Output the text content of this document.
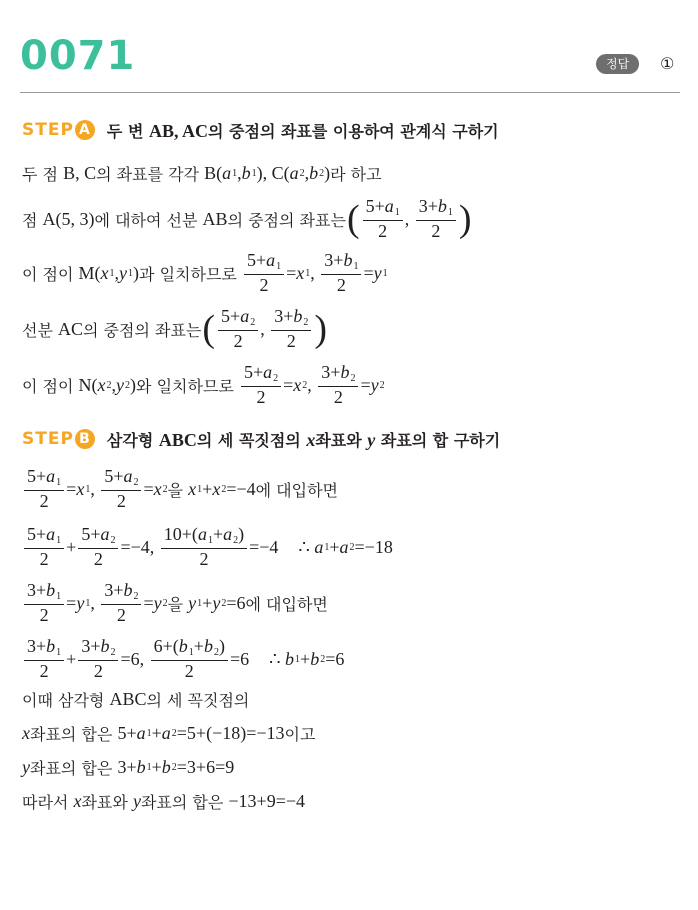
0071	정답	①
STEP A 두 변 AB, AC의 중점의 좌표를 이용하여 관계식 구하기
두 점 B, C 의 좌표를 각각 B( a 1 , b 1 ), C( a 2 , b 2 ) 라 하고
점 A(5, 3) 에 대하여 선분 AB 의 중점의 좌표는 ( $\frac{5+a_1}{2}$ , $\frac{3+b_1}{2}$ )
이 점이 M( x 1 , y 1 ) 과 일치하므로 $\frac{5+a_1}{2} = x$ 1 , $\frac{3+b_1}{2} = y$ 1
선분 AC 의 중점의 좌표는 ( $\frac{5+a_2}{2}$ , $\frac{3+b_2}{2}$ )
이 점이 N( x 2 , y 2 ) 와 일치하므로 $\frac{5+a_2}{2} = x$ 2 , $\frac{3+b_2}{2} = y$ 2
STEP B 삼각형 ABC의 세 꼭짓점의 x좌표와 y 좌표의 합 구하기
$\frac{5+a_1}{2} = x$ 1 , $\frac{5+a_2}{2} = x$ 2 을 x 1 + x 2 =−4 에 대입하면
$\frac{5+a_1}{2} + \frac{5+a_2}{2} =-4$, $\frac{10+(a_1+a_2)}{2} =-4$
∴ a 1 + a 2 =−18
$\frac{3+b_1}{2} = y$ 1 , $\frac{3+b_2}{2} = y$ 2 을 y 1 + y 2 =6 에 대입하면
$\frac{3+b_1}{2} + \frac{3+b_2}{2} =6$, $\frac{6+(b_1+b_2)}{2} =6$
∴ b 1 + b 2 =6
이때 삼각형 ABC 의 세 꼭짓점의
x 좌표의 합은 5+ a 1 + a 2 =5+(−18)=−13 이고
y 좌표의 합은 3+ b 1 + b 2 =3+6=9
따라서 x 좌표와 y 좌표의 합은 −13+9=−4
